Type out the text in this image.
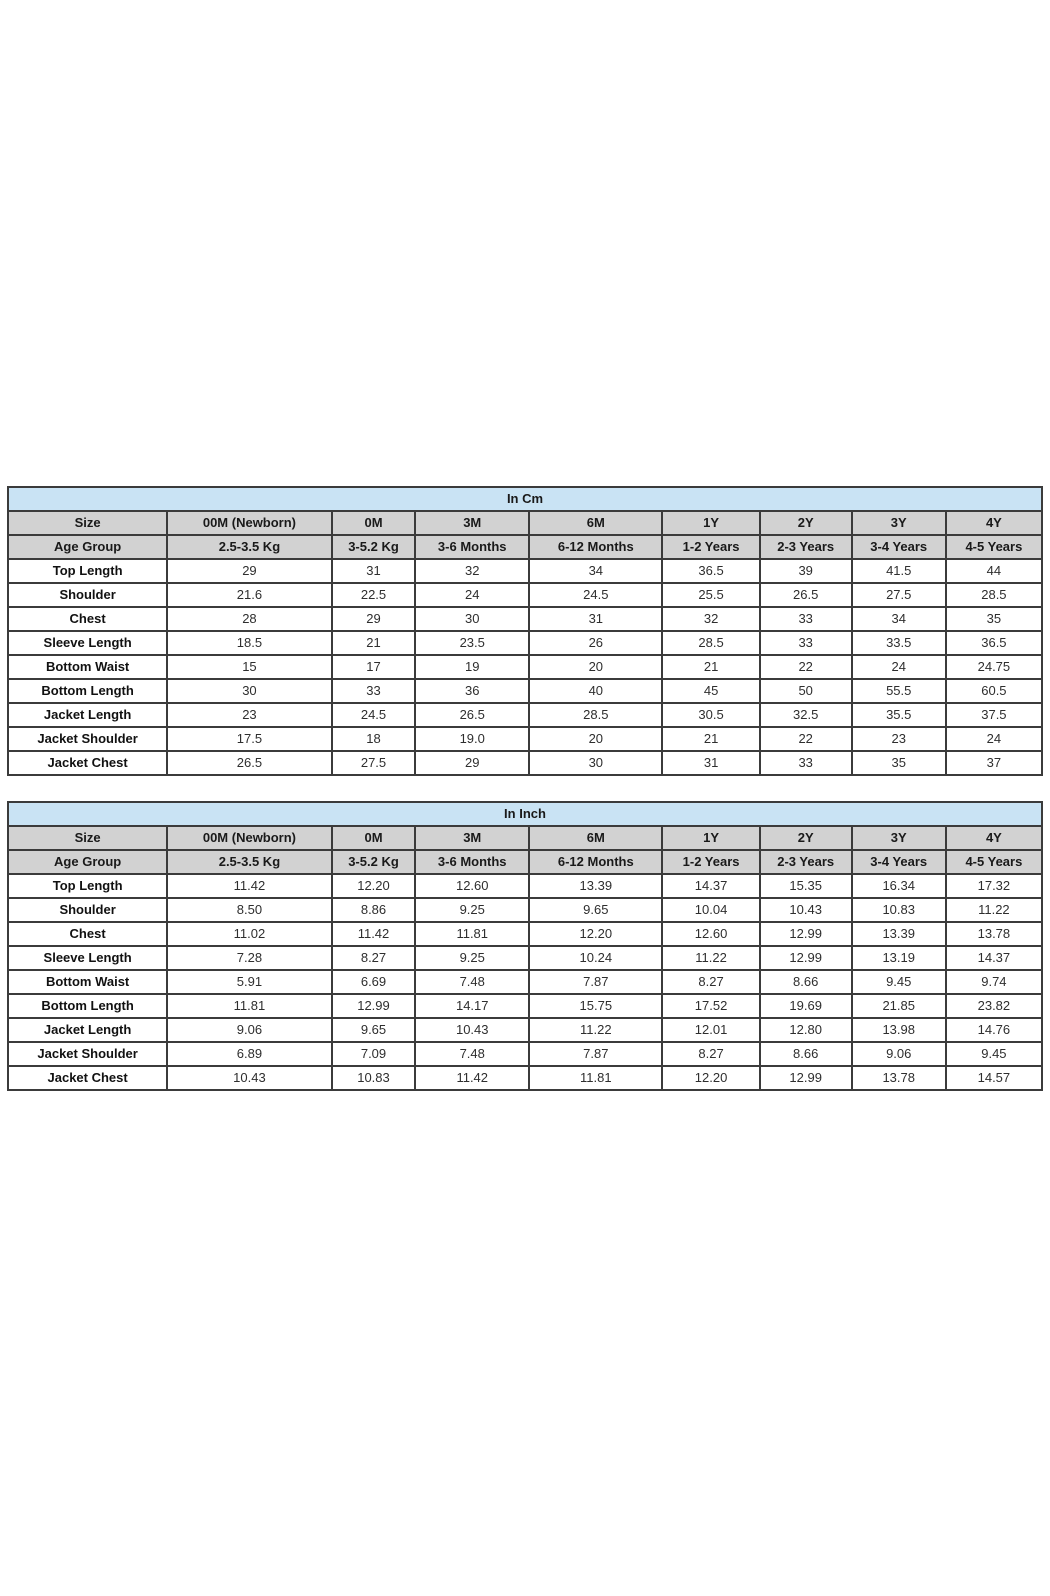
In Cm								
Size	00M (Newborn)	0M	3M	6M	1Y	2Y	3Y	4Y
Age Group	2.5-3.5 Kg	3-5.2 Kg	3-6 Months	6-12 Months	1-2 Years	2-3 Years	3-4 Years	4-5 Years
Top Length	29	31	32	34	36.5	39	41.5	44
Shoulder	21.6	22.5	24	24.5	25.5	26.5	27.5	28.5
Chest	28	29	30	31	32	33	34	35
Sleeve Length	18.5	21	23.5	26	28.5	33	33.5	36.5
Bottom Waist	15	17	19	20	21	22	24	24.75
Bottom Length	30	33	36	40	45	50	55.5	60.5
Jacket Length	23	24.5	26.5	28.5	30.5	32.5	35.5	37.5
Jacket Shoulder	17.5	18	19.0	20	21	22	23	24
Jacket Chest	26.5	27.5	29	30	31	33	35	37
In Inch								
Size	00M (Newborn)	0M	3M	6M	1Y	2Y	3Y	4Y
Age Group	2.5-3.5 Kg	3-5.2 Kg	3-6 Months	6-12 Months	1-2 Years	2-3 Years	3-4 Years	4-5 Years
Top Length	11.42	12.20	12.60	13.39	14.37	15.35	16.34	17.32
Shoulder	8.50	8.86	9.25	9.65	10.04	10.43	10.83	11.22
Chest	11.02	11.42	11.81	12.20	12.60	12.99	13.39	13.78
Sleeve Length	7.28	8.27	9.25	10.24	11.22	12.99	13.19	14.37
Bottom Waist	5.91	6.69	7.48	7.87	8.27	8.66	9.45	9.74
Bottom Length	11.81	12.99	14.17	15.75	17.52	19.69	21.85	23.82
Jacket Length	9.06	9.65	10.43	11.22	12.01	12.80	13.98	14.76
Jacket Shoulder	6.89	7.09	7.48	7.87	8.27	8.66	9.06	9.45
Jacket Chest	10.43	10.83	11.42	11.81	12.20	12.99	13.78	14.57
